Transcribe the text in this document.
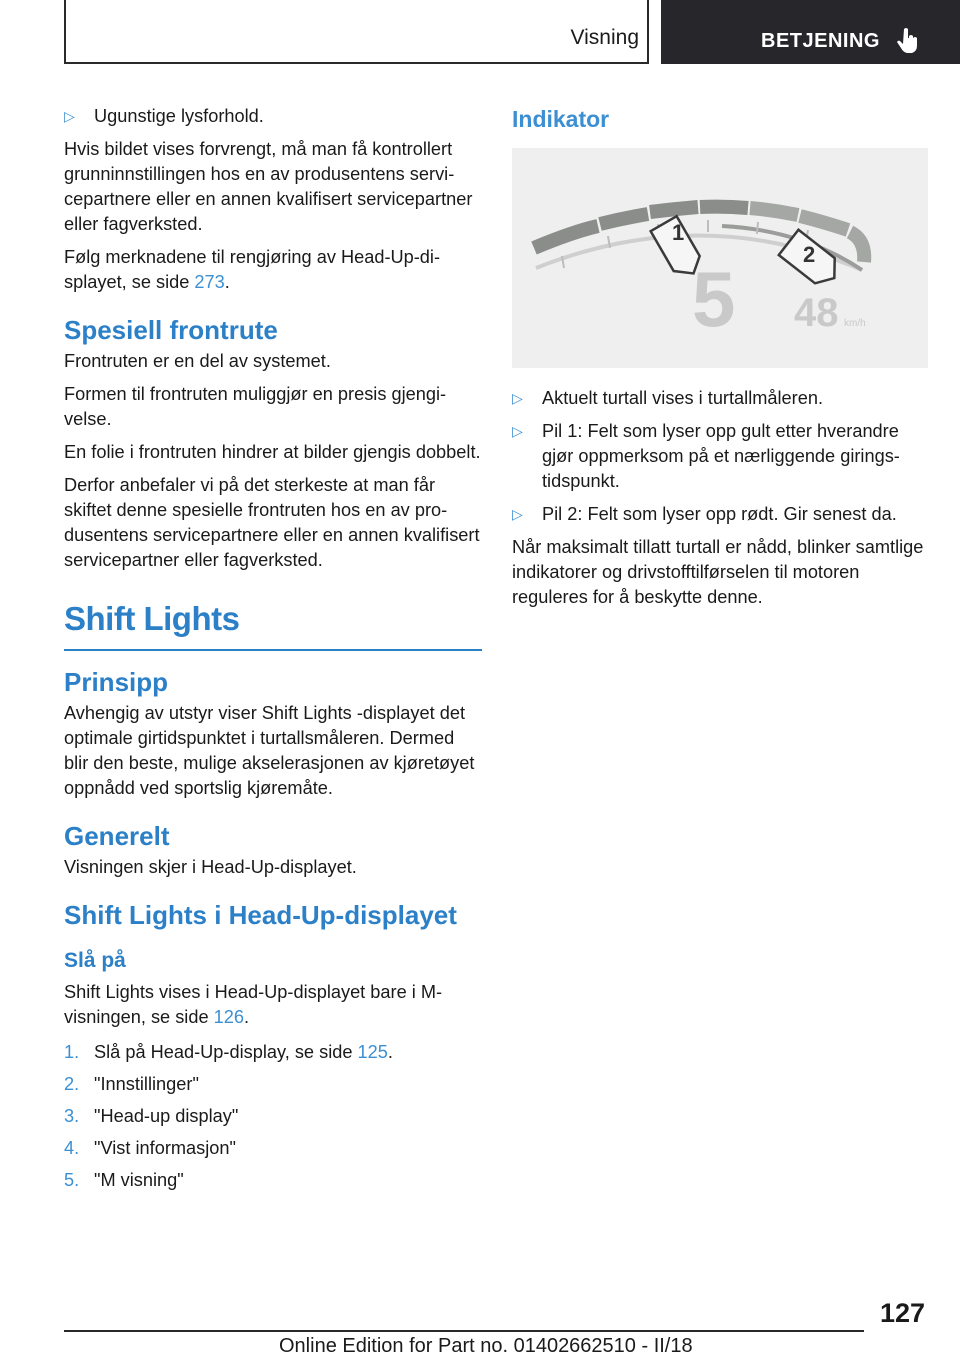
Visning	BETJENING
▷ Ugunstige lysforhold.

Hvis bildet vises forvrengt, må man få kontrollert grunninnstillingen hos en av produsentens servicepartnere eller en annen kvalifisert servicepartner eller fagverksted.

Følg merknadene til rengjøring av Head-Up-displayet, se side 273.

Spesiell frontrute

Frontruten er en del av systemet.

Formen til frontruten muliggjør en presis gjengivelse.

En folie i frontruten hindrer at bilder gjengis dobbelt.

Derfor anbefaler vi på det sterkeste at man får skiftet denne spesielle frontruten hos en av produsentens servicepartnere eller en annen kvalifisert servicepartner eller fagverksted.

Shift Lights
Prinsipp

Avhengig av utstyr viser Shift Lights -displayet det optimale girtidspunktet i turtallsmåleren. Dermed blir den beste, mulige akselerasjonen av kjøretøyet oppnådd ved sportslig kjøremåte.

Generelt

Visningen skjer i Head-Up-displayet.

Shift Lights i Head-Up-displayet
Slå på

Shift Lights vises i Head-Up-displayet bare i M-visningen, se side 126.

1. Slå på Head-Up-display, se side 125.
2. "Innstillinger"
3. "Head-up display"
4. "Vist informasjon"
5. "M visning"
Indikator
1
2
5 48 km/h
▷ Aktuelt turtall vises i turtallmåleren.
▷ Pil 1: Felt som lyser opp gult etter hverandre gjør oppmerksom på et nærliggende giringstidspunkt.
▷ Pil 2: Felt som lyser opp rødt. Gir senest da.

Når maksimalt tillatt turtall er nådd, blinker samtlige indikatorer og drivstofftilførselen til motoren reguleres for å beskytte denne.

127
Online Edition for Part no. 01402662510 - II/18
